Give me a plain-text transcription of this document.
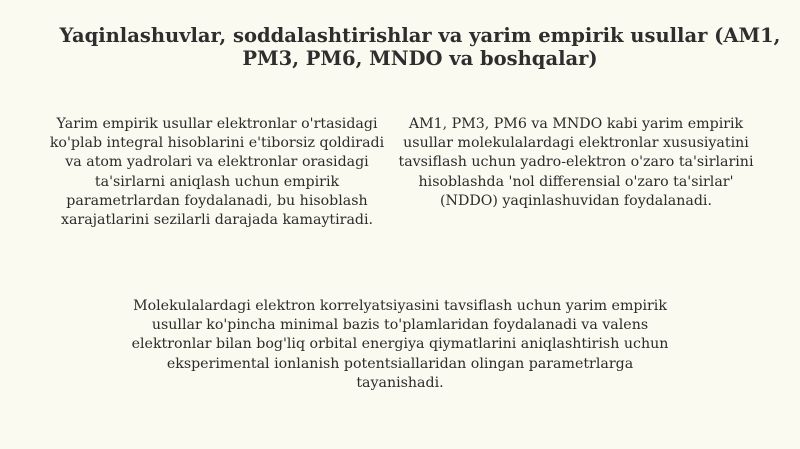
Yaqinlashuvlar, soddalashtirishlar va yarim empirik usullar (AM1, PM3, PM6, MNDO va boshqalar)

Yarim empirik usullar elektronlar o'rtasidagi ko'plab integral hisoblarini e'tiborsiz qoldiradi va atom yadrolari va elektronlar orasidagi ta'sirlarni aniqlash uchun empirik parametrlardan foydalanadi, bu hisoblash xarajatlarini sezilarli darajada kamaytiradi.

AM1, PM3, PM6 va MNDO kabi yarim empirik usullar molekulalardagi elektronlar xususiyatini tavsiflash uchun yadro-elektron o'zaro ta'sirlarini hisoblashda 'nol differensial o'zaro ta'sirlar' (NDDO) yaqinlashuvidan foydalanadi.

Molekulalardagi elektron korrelyatsiyasini tavsiflash uchun yarim empirik usullar ko'pincha minimal bazis to'plamlaridan foydalanadi va valens elektronlar bilan bog'liq orbital energiya qiymatlarini aniqlashtirish uchun eksperimental ionlanish potentsiallaridan olingan parametrlarga tayanishadi.
